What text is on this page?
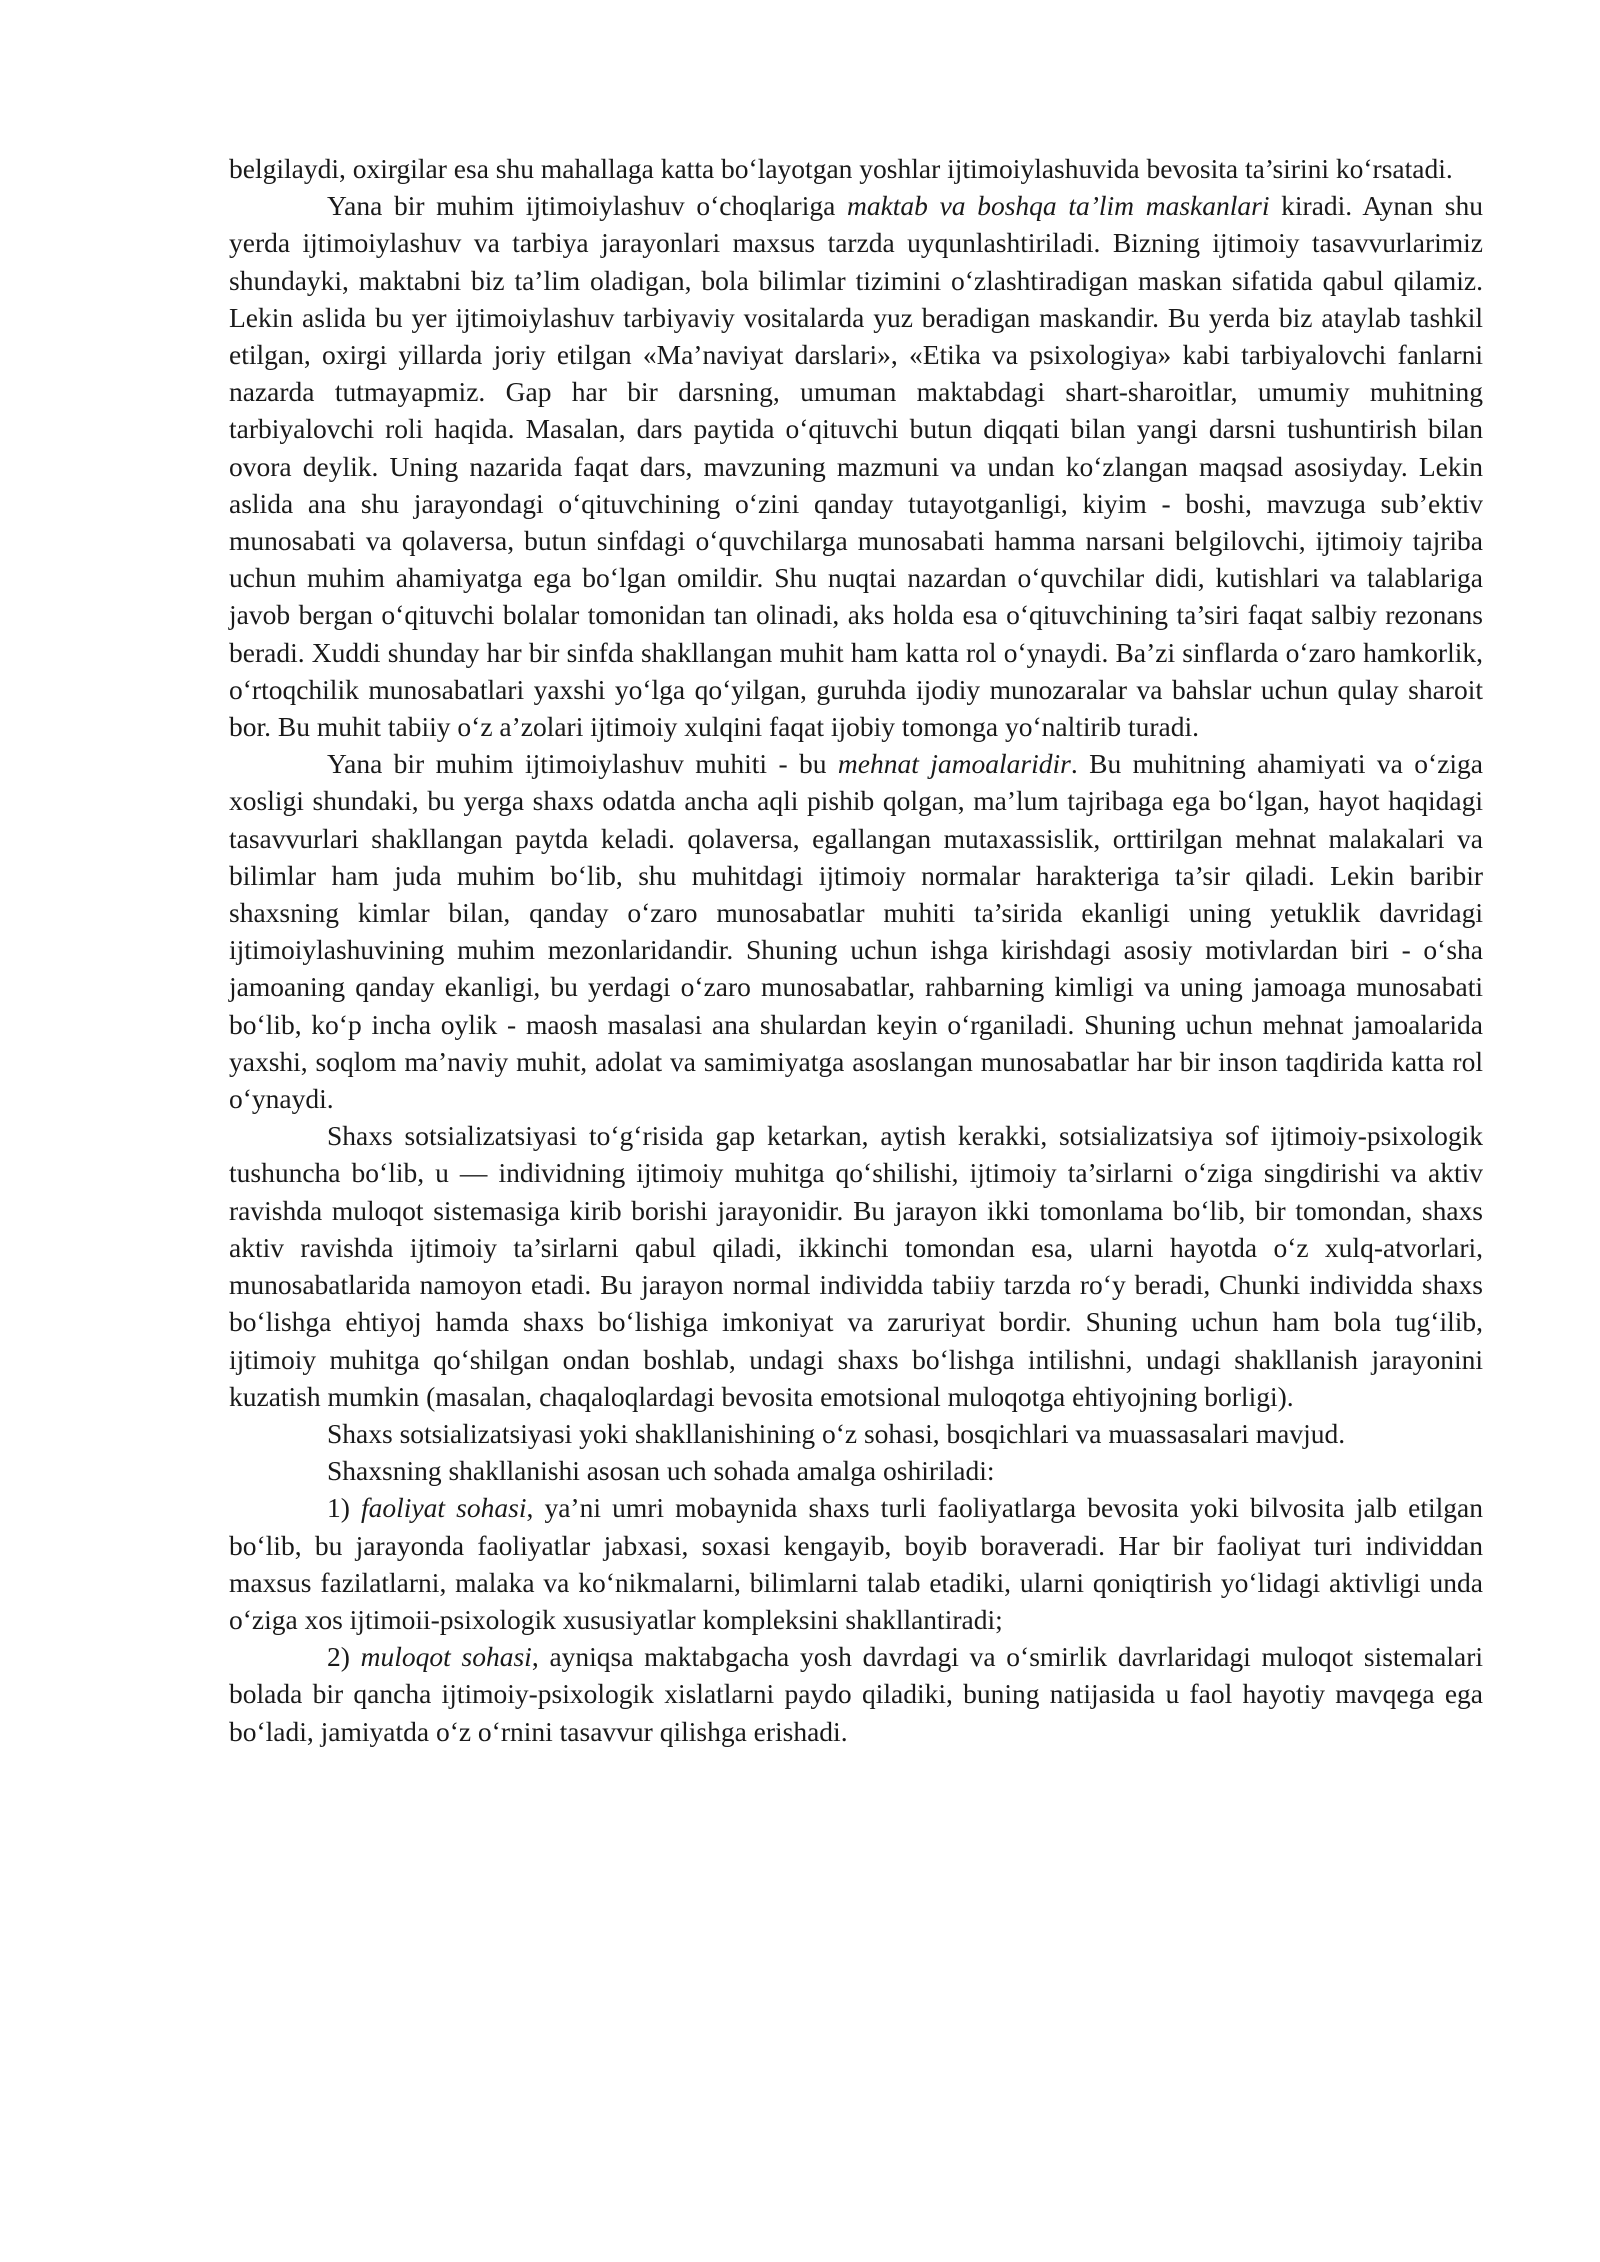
belgilaydi, oxirgilar esa shu mahallaga katta bo‘layotgan yoshlar ijtimoiylashuvida bevosita ta’sirini ko‘rsatadi.

Yana bir muhim ijtimoiylashuv o‘choqlariga maktab va boshqa ta’lim maskanlari kiradi. Aynan shu yerda ijtimoiylashuv va tarbiya jarayonlari maxsus tarzda uyqunlashtiriladi. Bizning ijtimoiy tasavvurlarimiz shundayki, maktabni biz ta’lim oladigan, bola bilimlar tizimini o‘zlashtiradigan maskan sifatida qabul qilamiz. Lekin aslida bu yer ijtimoiylashuv tarbiyaviy vositalarda yuz beradigan maskandir. Bu yerda biz ataylab tashkil etilgan, oxirgi yillarda joriy etilgan «Ma’naviyat darslari», «Etika va psixologiya» kabi tarbiyalovchi fanlarni nazarda tutmayapmiz. Gap har bir darsning, umuman maktabdagi shart-sharoitlar, umumiy muhitning tarbiyalovchi roli haqida. Masalan, dars paytida o‘qituvchi butun diqqati bilan yangi darsni tushuntirish bilan ovora deylik. Uning nazarida faqat dars, mavzuning mazmuni va undan ko‘zlangan maqsad asosiyday. Lekin aslida ana shu jarayondagi o‘qituvchining o‘zini qanday tutayotganligi, kiyim - boshi, mavzuga sub’ektiv munosabati va qolaversa, butun sinfdagi o‘quvchilarga munosabati hamma narsani belgilovchi, ijtimoiy tajriba uchun muhim ahamiyatga ega bo‘lgan omildir. Shu nuqtai nazardan o‘quvchilar didi, kutishlari va talablariga javob bergan o‘qituvchi bolalar tomonidan tan olinadi, aks holda esa o‘qituvchining ta’siri faqat salbiy rezonans beradi. Xuddi shunday har bir sinfda shakllangan muhit ham katta rol o‘ynaydi. Ba’zi sinflarda o‘zaro hamkorlik, o‘rtoqchilik munosabatlari yaxshi yo‘lga qo‘yilgan, guruhda ijodiy munozaralar va bahslar uchun qulay sharoit bor. Bu muhit tabiiy o‘z a’zolari ijtimoiy xulqini faqat ijobiy tomonga yo‘naltirib turadi.

Yana bir muhim ijtimoiylashuv muhiti - bu mehnat jamoalaridir. Bu muhitning ahamiyati va o‘ziga xosligi shundaki, bu yerga shaxs odatda ancha aqli pishib qolgan, ma’lum tajribaga ega bo‘lgan, hayot haqidagi tasavvurlari shakllangan paytda keladi. qolaversa, egallangan mutaxassislik, orttirilgan mehnat malakalari va bilimlar ham juda muhim bo‘lib, shu muhitdagi ijtimoiy normalar harakteriga ta’sir qiladi. Lekin baribir shaxsning kimlar bilan, qanday o‘zaro munosabatlar muhiti ta’sirida ekanligi uning yetuklik davridagi ijtimoiylashuvining muhim mezonlaridandir. Shuning uchun ishga kirishdagi asosiy motivlardan biri - o‘sha jamoaning qanday ekanligi, bu yerdagi o‘zaro munosabatlar, rahbarning kimligi va uning jamoaga munosabati bo‘lib, ko‘p incha oylik - maosh masalasi ana shulardan keyin o‘rganiladi. Shuning uchun mehnat jamoalarida yaxshi, soqlom ma’naviy muhit, adolat va samimiyatga asoslangan munosabatlar har bir inson taqdirida katta rol o‘ynaydi.

Shaxs sotsializatsiyasi to‘g‘risida gap ketarkan, aytish kerakki, sotsializatsiya sof ijtimoiy-psixologik tushuncha bo‘lib, u — individning ijtimoiy muhitga qo‘shilishi, ijtimoiy ta’sirlarni o‘ziga singdirishi va aktiv ravishda muloqot sistemasiga kirib borishi jarayonidir. Bu jarayon ikki tomonlama bo‘lib, bir tomondan, shaxs aktiv ravishda ijtimoiy ta’sirlarni qabul qiladi, ikkinchi tomondan esa, ularni hayotda o‘z xulq-atvorlari, munosabatlarida namoyon etadi. Bu jarayon normal individda tabiiy tarzda ro‘y beradi, Chunki individda shaxs bo‘lishga ehtiyoj hamda shaxs bo‘lishiga imkoniyat va zaruriyat bordir. Shuning uchun ham bola tug‘ilib, ijtimoiy muhitga qo‘shilgan ondan boshlab, undagi shaxs bo‘lishga intilishni, undagi shakllanish jarayonini kuzatish mumkin (masalan, chaqaloqlardagi bevosita emotsional muloqotga ehtiyojning borligi).

Shaxs sotsializatsiyasi yoki shakllanishining o‘z sohasi, bosqichlari va muassasalari mavjud.

Shaxsning shakllanishi asosan uch sohada amalga oshiriladi:

1) faoliyat sohasi, ya’ni umri mobaynida shaxs turli faoliyatlarga bevosita yoki bilvosita jalb etilgan bo‘lib, bu jarayonda faoliyatlar jabxasi, soxasi kengayib, boyib boraveradi. Har bir faoliyat turi individdan maxsus fazilatlarni, malaka va ko‘nikmalarni, bilimlarni talab etadiki, ularni qoniqtirish yo‘lidagi aktivligi unda o‘ziga xos ijtimoii-psixologik xususiyatlar kompleksini shakllantiradi;

2) muloqot sohasi, ayniqsa maktabgacha yosh davrdagi va o‘smirlik davrlaridagi muloqot sistemalari bolada bir qancha ijtimoiy-psixologik xislatlarni paydo qiladiki, buning natijasida u faol hayotiy mavqega ega bo‘ladi, jamiyatda o‘z o‘rnini tasavvur qilishga erishadi.
